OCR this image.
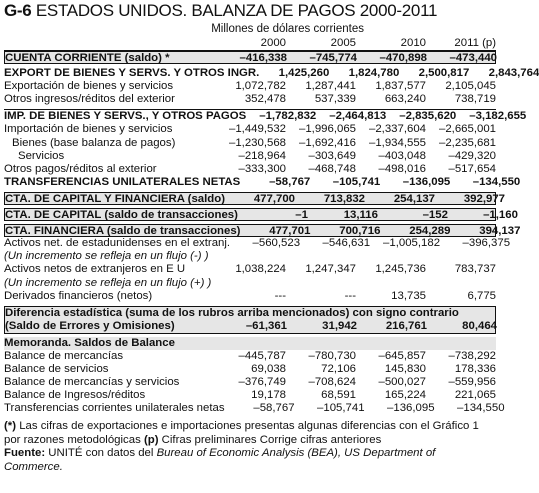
G-6 ESTADOS UNIDOS. BALANZA DE PAGOS 2000-2011
Millones de dólares corrientes
2000	2005	2010	2011 (p)
CUENTA CORRIENTE (saldo) *	–416,338	–745,774	–470,898	–473,440
EXPORT DE BIENES Y SERVS. Y OTROS INGR.	1,425,260	1,824,780	2,500,817	2,843,764
Exportación de bienes y servicios	1,072,782	1,287,441	1,837,577	2,105,045
Otros ingresos/réditos del exterior	352,478	537,339	663,240	738,719
IMP. DE BIENES Y SERVS., Y OTROS PAGOS	–1,782,832	–2,464,813	–2,835,620	–3,182,655
Importación de bienes y servicios	–1,449,532	–1,996,065	–2,337,604	–2,665,001
Bienes (base balanza de pagos)	–1,230,568	–1,692,416	–1,934,555	–2,235,681
Servicios	–218,964	–303,649	–403,048	–429,320
Otros pagos/réditos al exterior	–333,300	–468,748	–498,016	–517,654
TRANSFERENCIAS UNILATERALES NETAS	–58,767	–105,741	–136,095	–134,550
CTA. DE CAPITAL Y FINANCIERA (saldo)	477,700	713,832	254,137	392,977
CTA. DE CAPITAL (saldo de transacciones)	–1	13,116	–152	–1,160
CTA. FINANCIERA (saldo de transacciones)	477,701	700,716	254,289	394,137
Activos net. de estadunidenses en el extranj.	–560,523	–546,631	–1,005,182	–396,375
(Un incremento se refleja en un flujo (-) )
Activos netos de extranjeros en E U	1,038,224	1,247,347	1,245,736	783,737
(Un incremento se refleja en un flujo (+) )
Derivados financieros (netos)	---	---	13,735	6,775
Diferencia estadística (suma de los rubros arriba mencionados) con signo contrario
(Saldo de Errores y Omisiones)	–61,361	31,942	216,761	80,464
Memoranda. Saldos de Balance
Balance de mercancías	–445,787	–780,730	–645,857	–738,292
Balance de servicios	69,038	72,106	145,830	178,336
Balance de mercancías y servicios	–376,749	–708,624	–500,027	–559,956
Balance de Ingresos/réditos	19,178	68,591	165,224	221,065
Transferencias corrientes unilaterales netas	–58,767	–105,741	–136,095	–134,550
(*) Las cifras de exportaciones e importaciones presentas algunas diferencias con el Gráfico 1 por razones metodológicas (p) Cifras preliminares Corrige cifras anteriores
Fuente: UNITÉ con datos del Bureau of Economic Analysis (BEA), US Department of Commerce.
